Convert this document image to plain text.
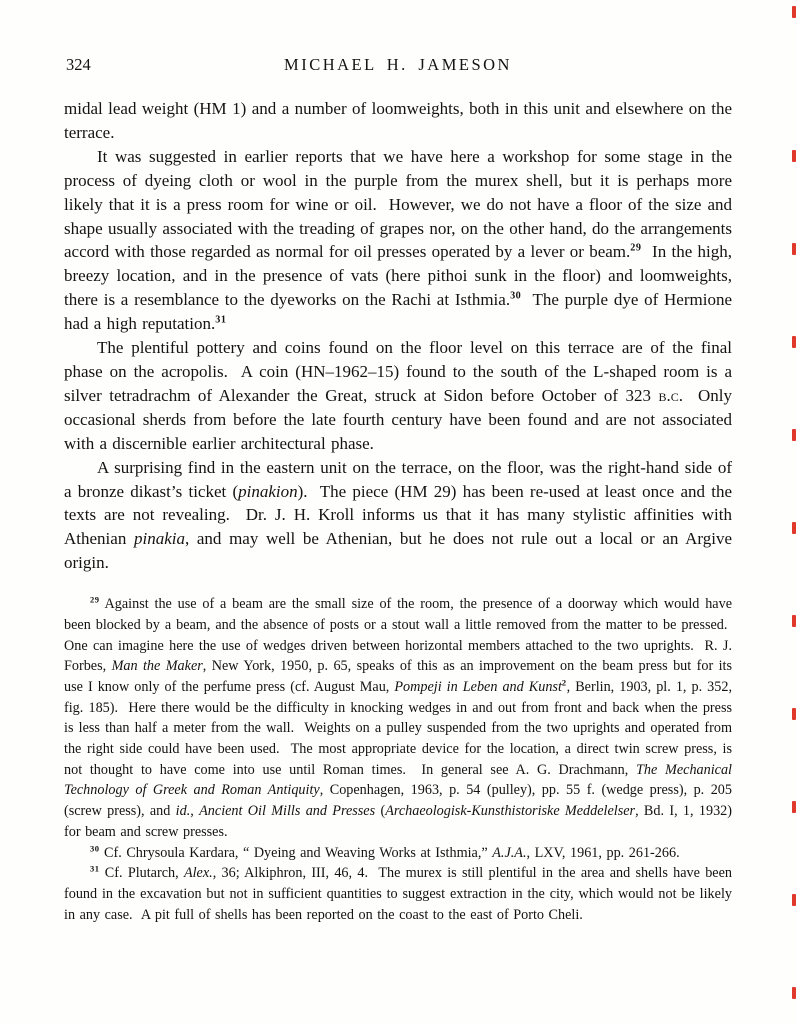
324	MICHAEL H. JAMESON

midal lead weight (HM 1) and a number of loomweights, both in this unit and elsewhere on the terrace.

It was suggested in earlier reports that we have here a workshop for some stage in the process of dyeing cloth or wool in the purple from the murex shell, but it is perhaps more likely that it is a press room for wine or oil.  However, we do not have a floor of the size and shape usually associated with the treading of grapes nor, on the other hand, do the arrangements accord with those regarded as normal for oil presses operated by a lever or beam.$^{29}$  In the high, breezy location, and in the presence of vats (here pithoi sunk in the floor) and loomweights, there is a resemblance to the dyeworks on the Rachi at Isthmia.$^{30}$  The purple dye of Hermione had a high reputation.$^{31}$

The plentiful pottery and coins found on the floor level on this terrace are of the final phase on the acropolis.  A coin (HN–1962–15) found to the south of the L-shaped room is a silver tetradrachm of Alexander the Great, struck at Sidon before October of 323 b.c.  Only occasional sherds from before the late fourth century have been found and are not associated with a discernible earlier architectural phase.

A surprising find in the eastern unit on the terrace, on the floor, was the right-hand side of a bronze dikast’s ticket (pinakion).  The piece (HM 29) has been re-used at least once and the texts are not revealing.  Dr. J. H. Kroll informs us that it has many stylistic affinities with Athenian pinakia, and may well be Athenian, but he does not rule out a local or an Argive origin.

$^{29}$ Against the use of a beam are the small size of the room, the presence of a doorway which would have been blocked by a beam, and the absence of posts or a stout wall a little removed from the matter to be pressed.  One can imagine here the use of wedges driven between horizontal members attached to the two uprights.  R. J. Forbes, Man the Maker, New York, 1950, p. 65, speaks of this as an improvement on the beam press but for its use I know only of the perfume press (cf. August Mau, Pompeji in Leben and Kunst$^2$, Berlin, 1903, pl. 1, p. 352, fig. 185).  Here there would be the difficulty in knocking wedges in and out from front and back when the press is less than half a meter from the wall.  Weights on a pulley suspended from the two uprights and operated from the right side could have been used.  The most appropriate device for the location, a direct twin screw press, is not thought to have come into use until Roman times.  In general see A. G. Drachmann, The Mechanical Technology of Greek and Roman Antiquity, Copenhagen, 1963, p. 54 (pulley), pp. 55 f. (wedge press), p. 205 (screw press), and id., Ancient Oil Mills and Presses (Archaeologisk-Kunsthistoriske Meddelelser, Bd. I, 1, 1932) for beam and screw presses.

$^{30}$ Cf. Chrysoula Kardara, “ Dyeing and Weaving Works at Isthmia,” A.J.A., LXV, 1961, pp. 261-266.

$^{31}$ Cf. Plutarch, Alex., 36; Alkiphron, III, 46, 4.  The murex is still plentiful in the area and shells have been found in the excavation but not in sufficient quantities to suggest extraction in the city, which would not be likely in any case.  A pit full of shells has been reported on the coast to the east of Porto Cheli.
